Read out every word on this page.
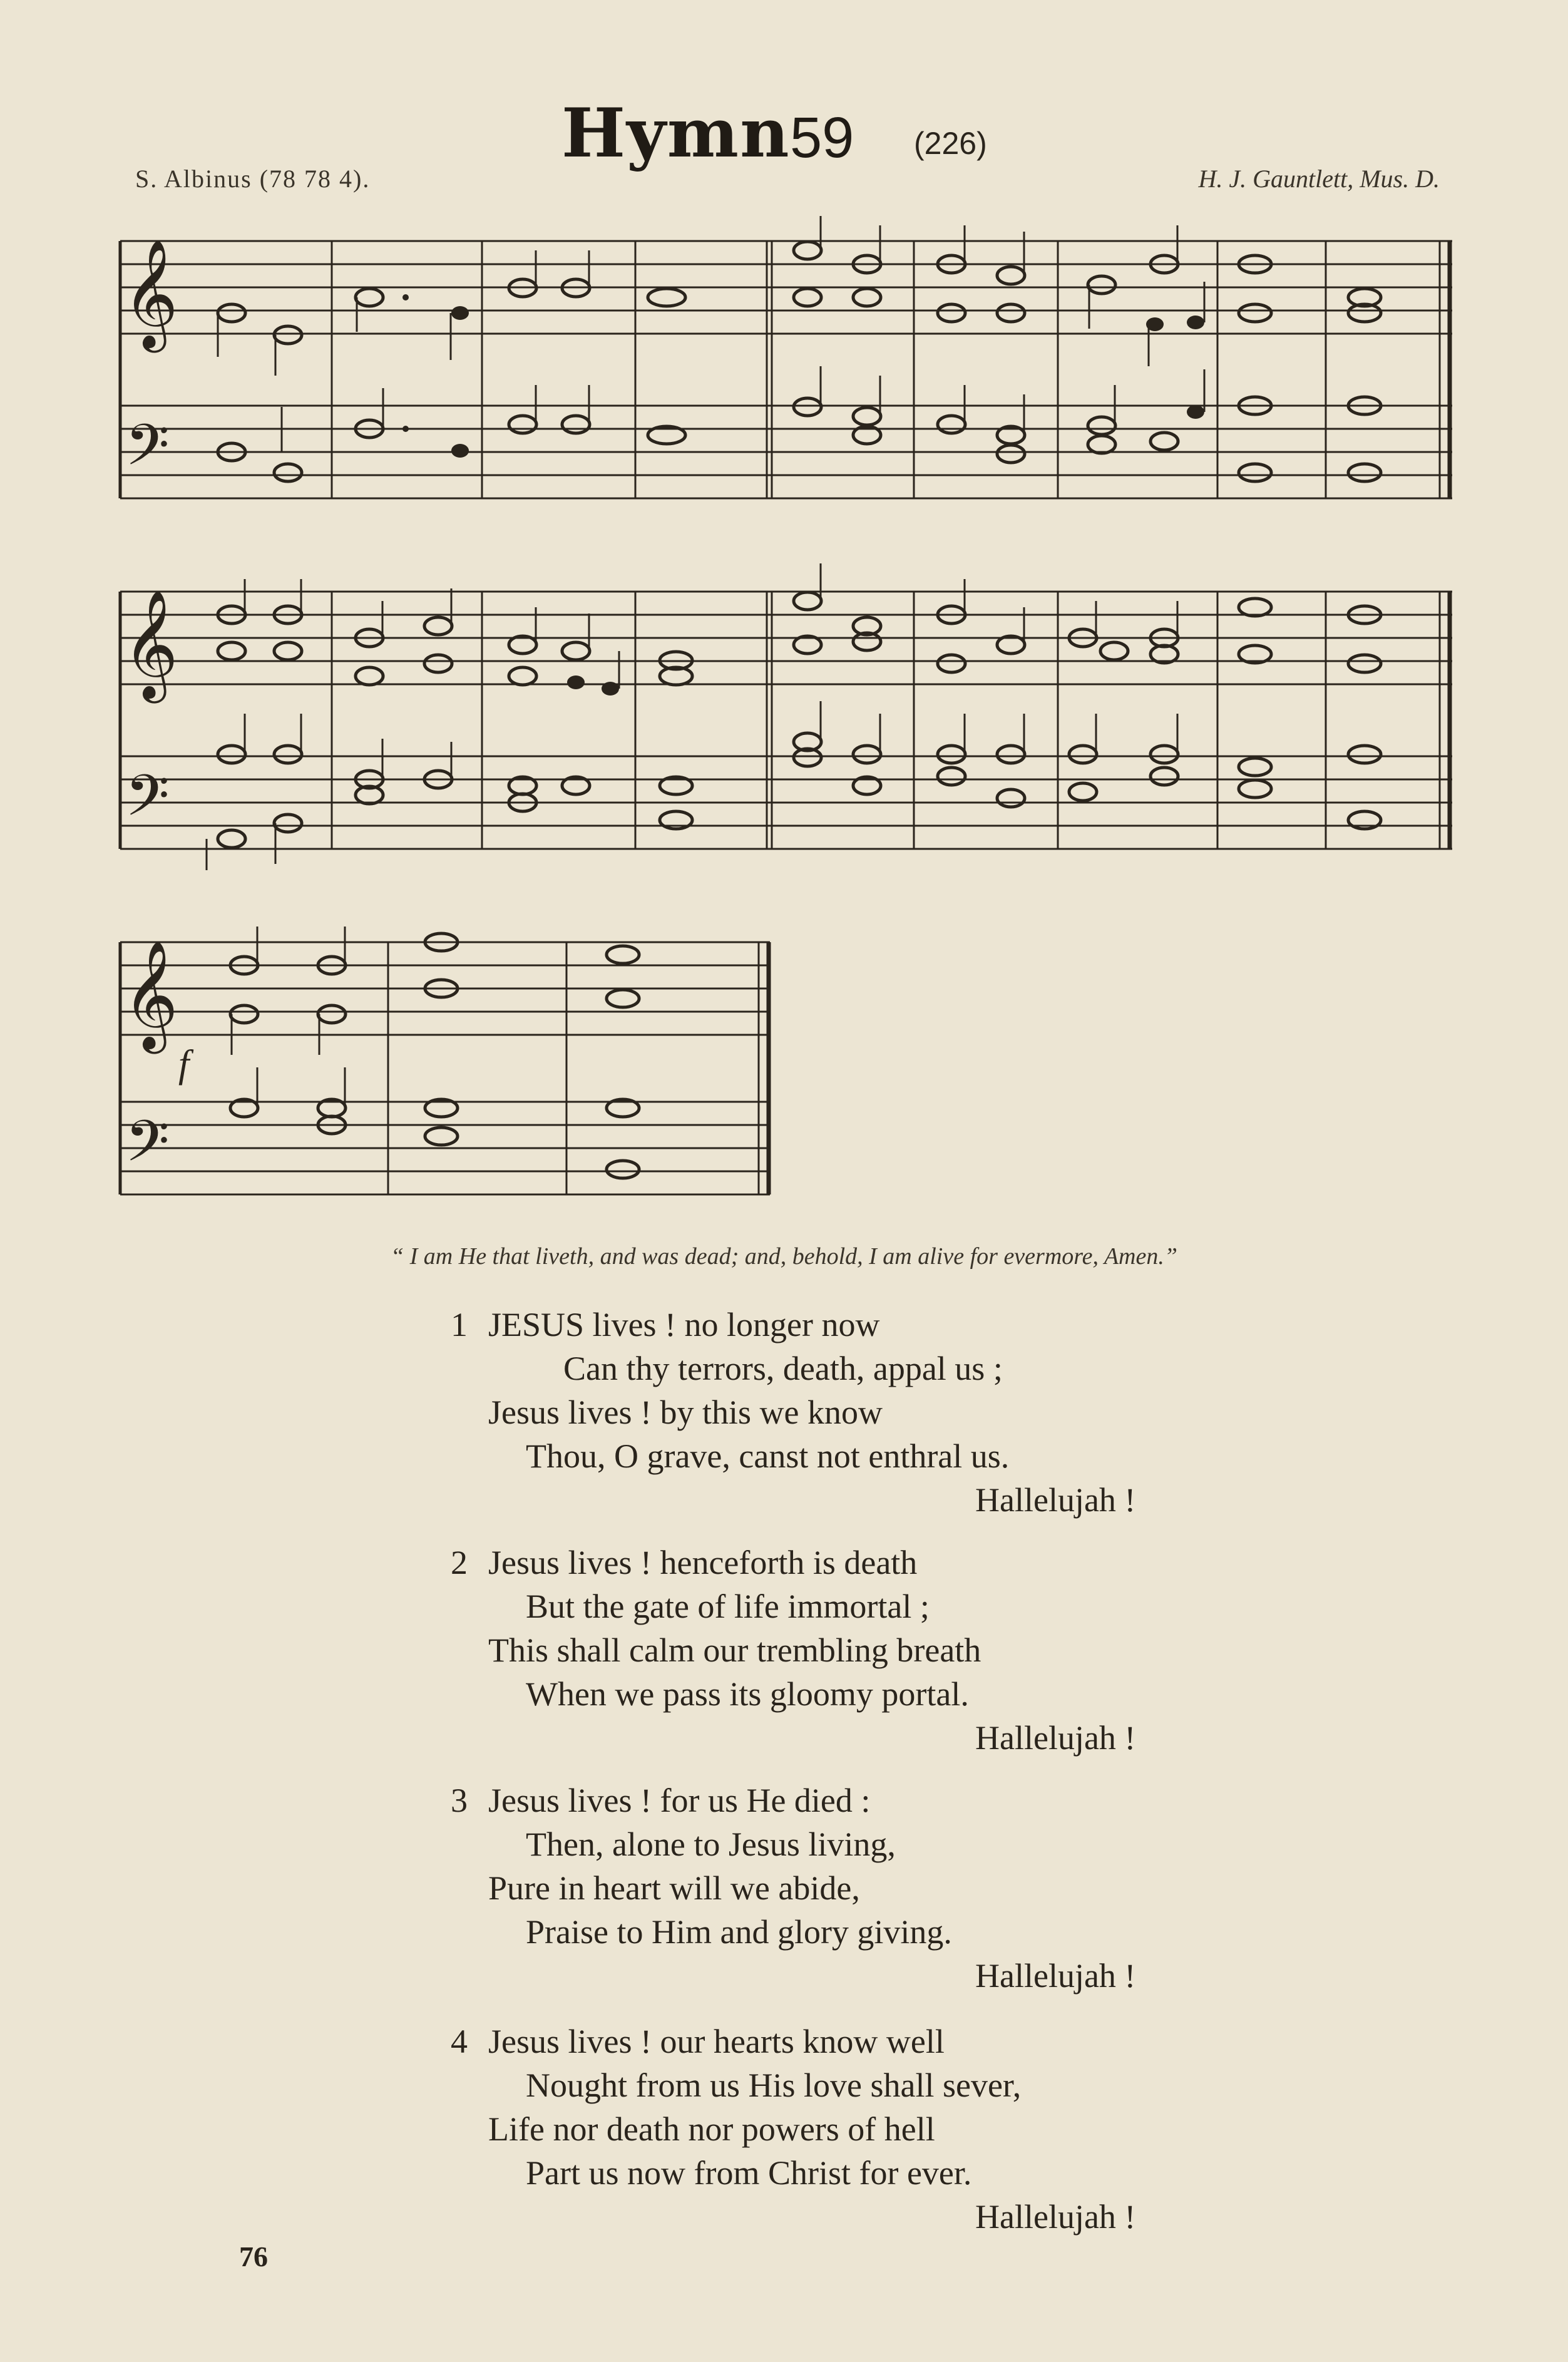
Hymn 59 (226)
S. Albinus (78 78 4).	H. J. Gauntlett, Mus. D.
𝄞
𝄢
𝄞
𝄢
𝄞
𝄢
f
“ I am He that liveth, and was dead; and, behold, I am alive for evermore, Amen.”
1 JESUS lives ! no longer now
Can thy terrors, death, appal us ;
Jesus lives ! by this we know
Thou, O grave, canst not enthral us.
Hallelujah !
2 Jesus lives ! henceforth is death
But the gate of life immortal ;
This shall calm our trembling breath
When we pass its gloomy portal.
Hallelujah !
3 Jesus lives ! for us He died :
Then, alone to Jesus living,
Pure in heart will we abide,
Praise to Him and glory giving.
Hallelujah !
4 Jesus lives ! our hearts know well
Nought from us His love shall sever,
Life nor death nor powers of hell
Part us now from Christ for ever.
Hallelujah !
76
